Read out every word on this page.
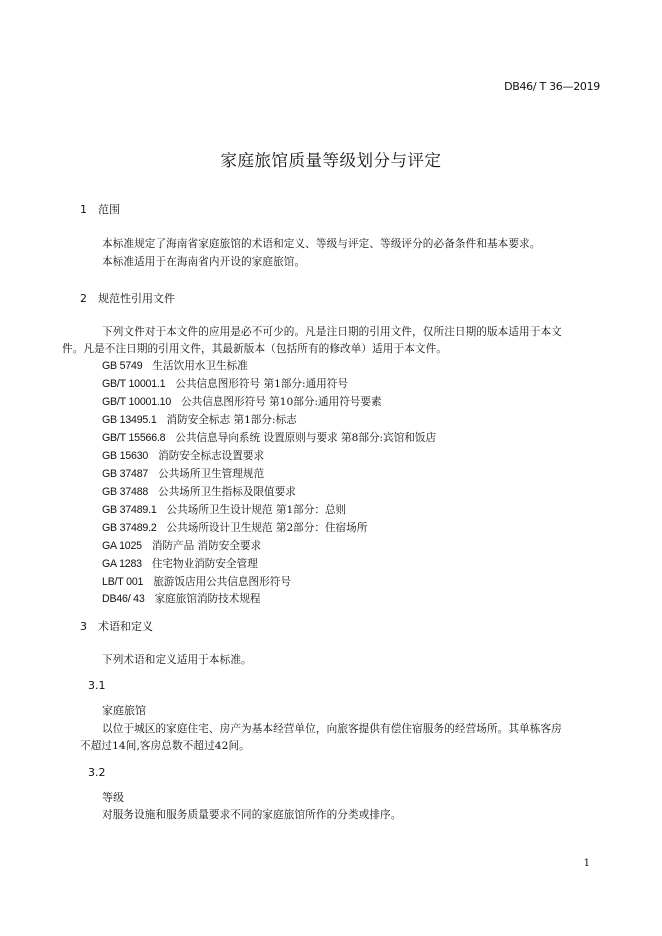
DB46/ T 36—2019
家庭旅馆质量等级划分与评定
1 范围
本标准规定了海南省家庭旅馆的术语和定义、等级与评定、等级评分的必备条件和基本要求。
本标准适用于在海南省内开设的家庭旅馆。
2 规范性引用文件
下列文件对于本文件的应用是必不可少的。凡是注日期的引用文件，仅所注日期的版本适用于本文
件。凡是不注日期的引用文件，其最新版本（包括所有的修改单）适用于本文件。
GB 5749 生活饮用水卫生标准
GB/T 10001.1 公共信息图形符号 第1部分:通用符号
GB/T 10001.10 公共信息图形符号 第10部分:通用符号要素
GB 13495.1 消防安全标志 第1部分:标志
GB/T 15566.8 公共信息导向系统 设置原则与要求 第8部分:宾馆和饭店
GB 15630 消防安全标志设置要求
GB 37487 公共场所卫生管理规范
GB 37488 公共场所卫生指标及限值要求
GB 37489.1 公共场所卫生设计规范 第1部分：总则
GB 37489.2 公共场所设计卫生规范 第2部分：住宿场所
GA 1025 消防产品 消防安全要求
GA 1283 住宅物业消防安全管理
LB/T 001 旅游饭店用公共信息图形符号
DB46/ 43 家庭旅馆消防技术规程
3 术语和定义
下列术语和定义适用于本标准。
3.1
家庭旅馆
以位于城区的家庭住宅、房产为基本经营单位，向旅客提供有偿住宿服务的经营场所。其单栋客房
不超过14间,客房总数不超过42间。
3.2
等级
对服务设施和服务质量要求不同的家庭旅馆所作的分类或排序。
1
